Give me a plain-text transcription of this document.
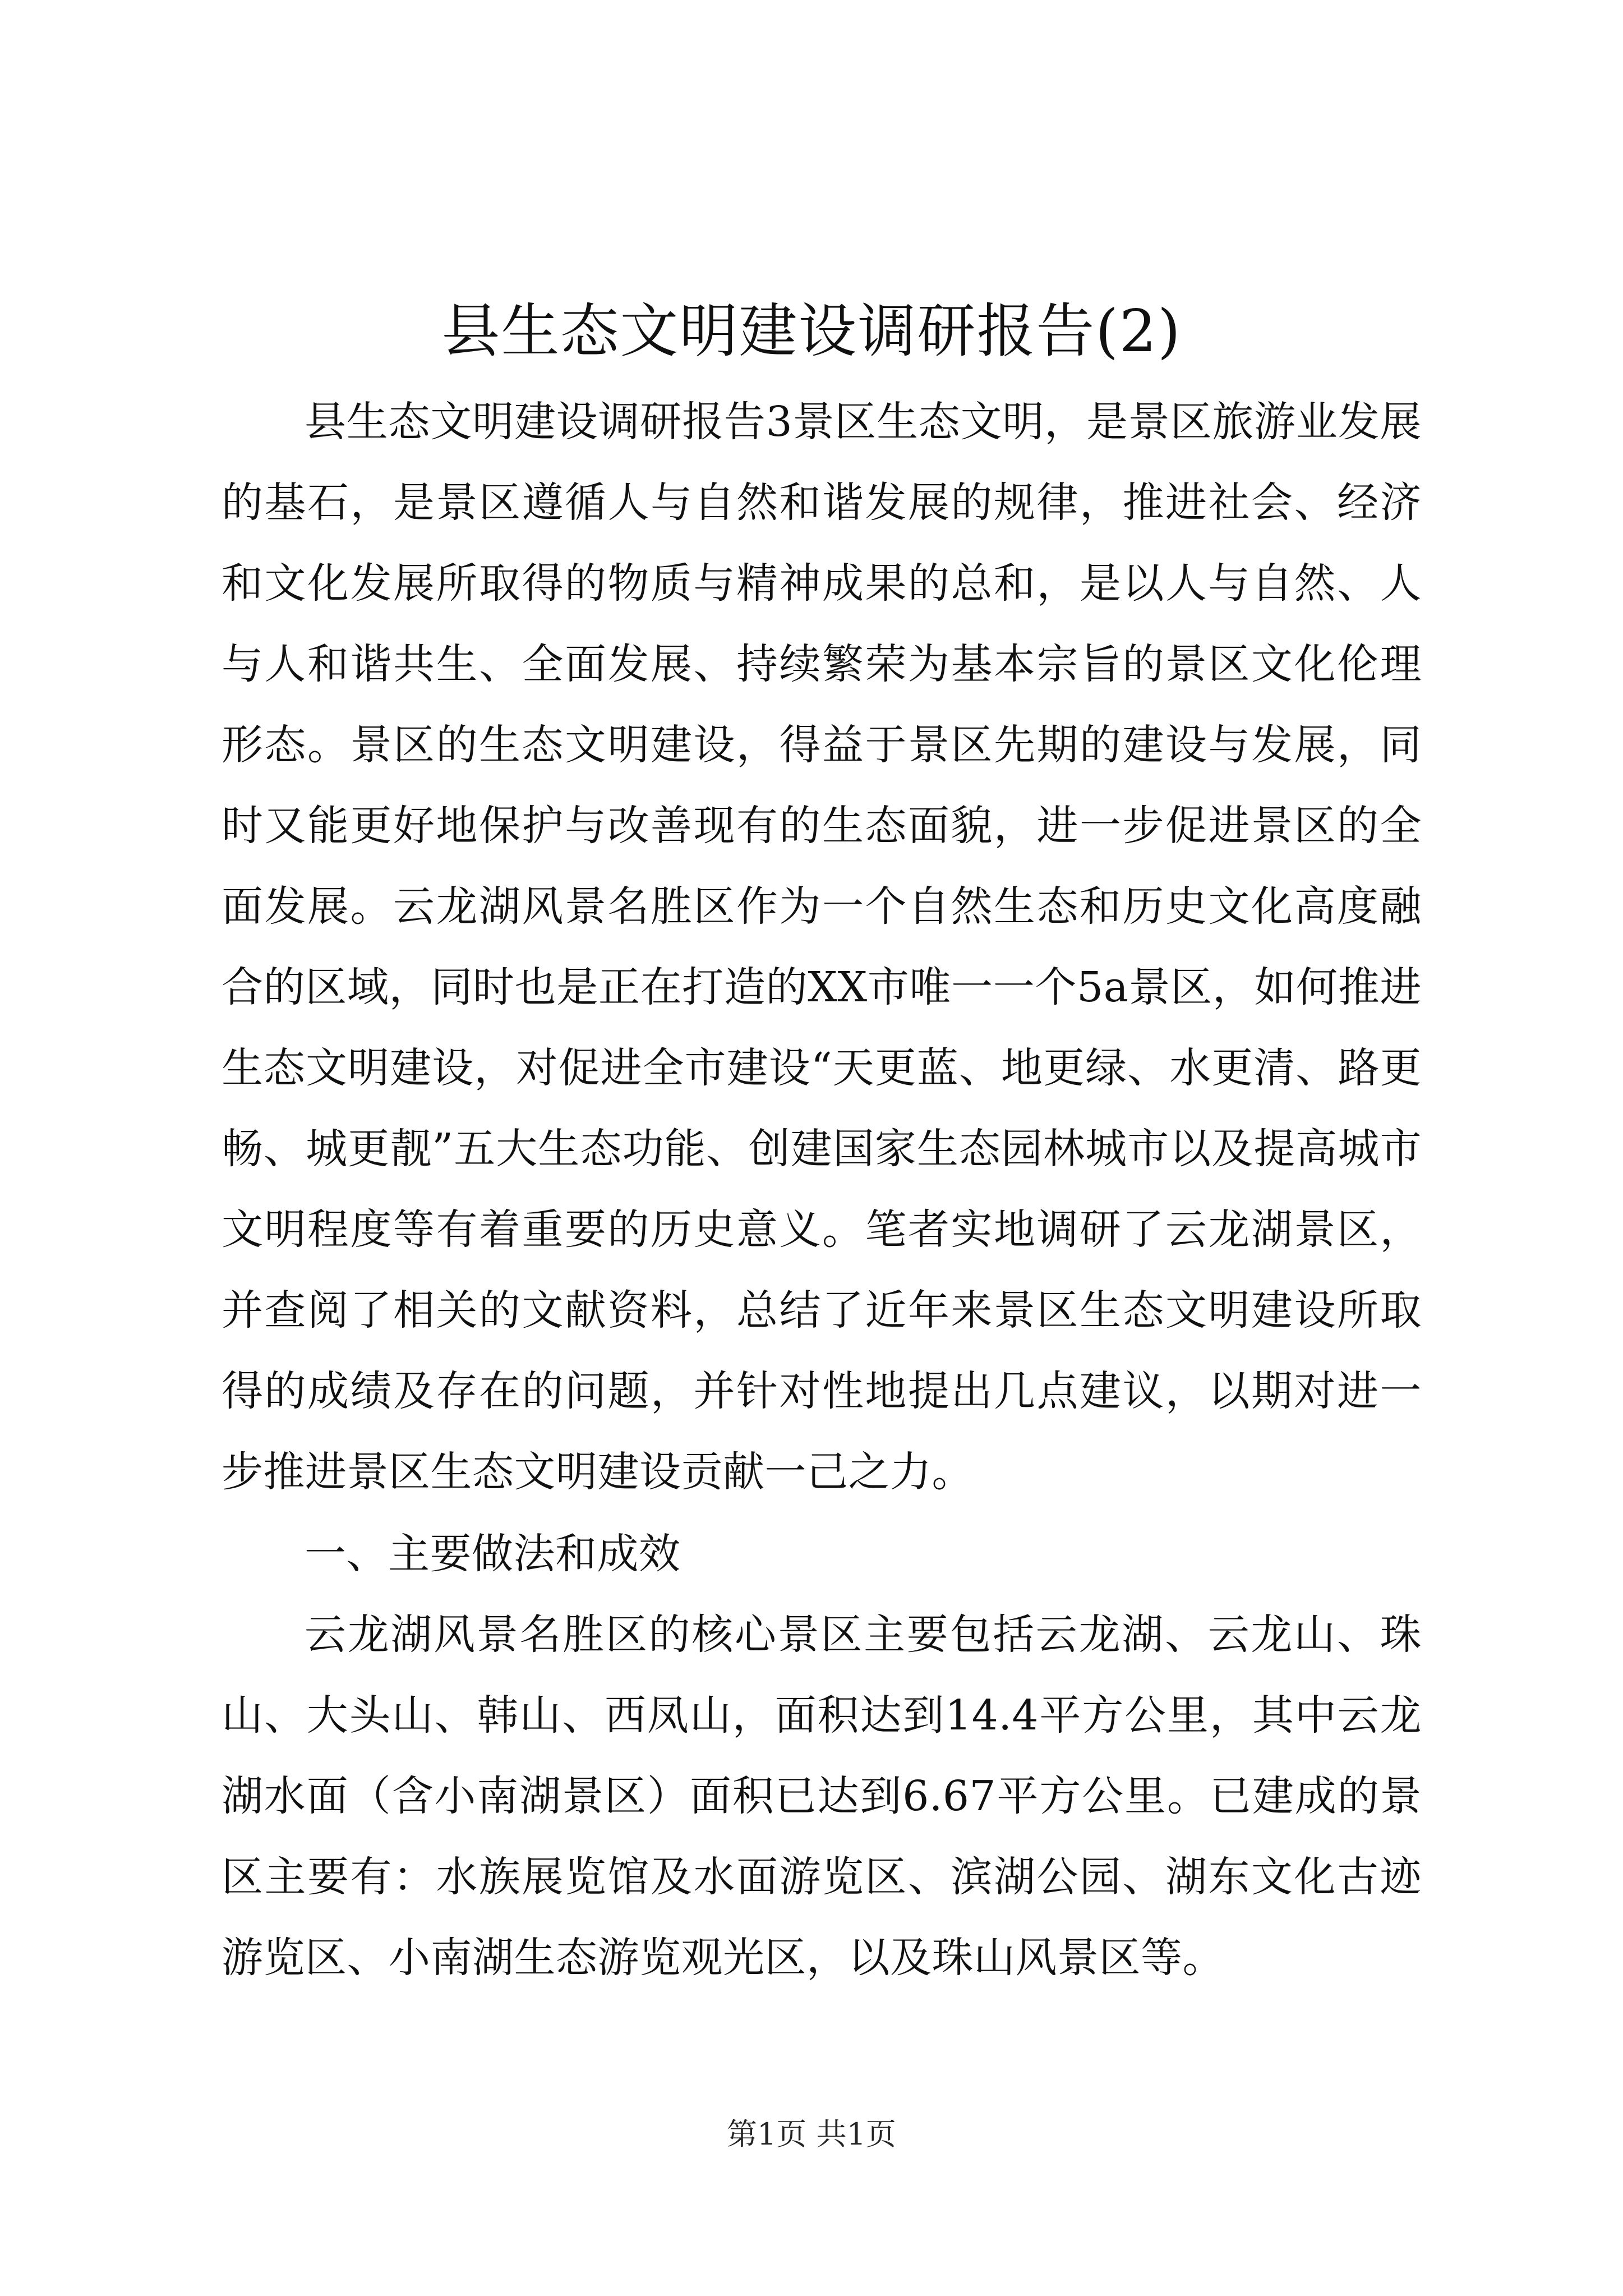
县生态文明建设调研报告(2)

县生态文明建设调研报告3景区生态文明，是景区旅游业发展的基石，是景区遵循人与自然和谐发展的规律，推进社会、经济和文化发展所取得的物质与精神成果的总和，是以人与自然、人与人和谐共生、全面发展、持续繁荣为基本宗旨的景区文化伦理形态。景区的生态文明建设，得益于景区先期的建设与发展，同时又能更好地保护与改善现有的生态面貌，进一步促进景区的全面发展。云龙湖风景名胜区作为一个自然生态和历史文化高度融合的区域，同时也是正在打造的XX市唯一一个5a景区，如何推进生态文明建设，对促进全市建设“天更蓝、地更绿、水更清、路更畅、城更靓”五大生态功能、创建国家生态园林城市以及提高城市文明程度等有着重要的历史意义。笔者实地调研了云龙湖景区，并查阅了相关的文献资料，总结了近年来景区生态文明建设所取得的成绩及存在的问题，并针对性地提出几点建议，以期对进一步推进景区生态文明建设贡献一己之力。

一、主要做法和成效

云龙湖风景名胜区的核心景区主要包括云龙湖、云龙山、珠山、大头山、韩山、西凤山，面积达到14.4平方公里，其中云龙湖水面（含小南湖景区）面积已达到6.67平方公里。已建成的景区主要有：水族展览馆及水面游览区、滨湖公园、湖东文化古迹游览区、小南湖生态游览观光区，以及珠山风景区等。

第1页 共1页
